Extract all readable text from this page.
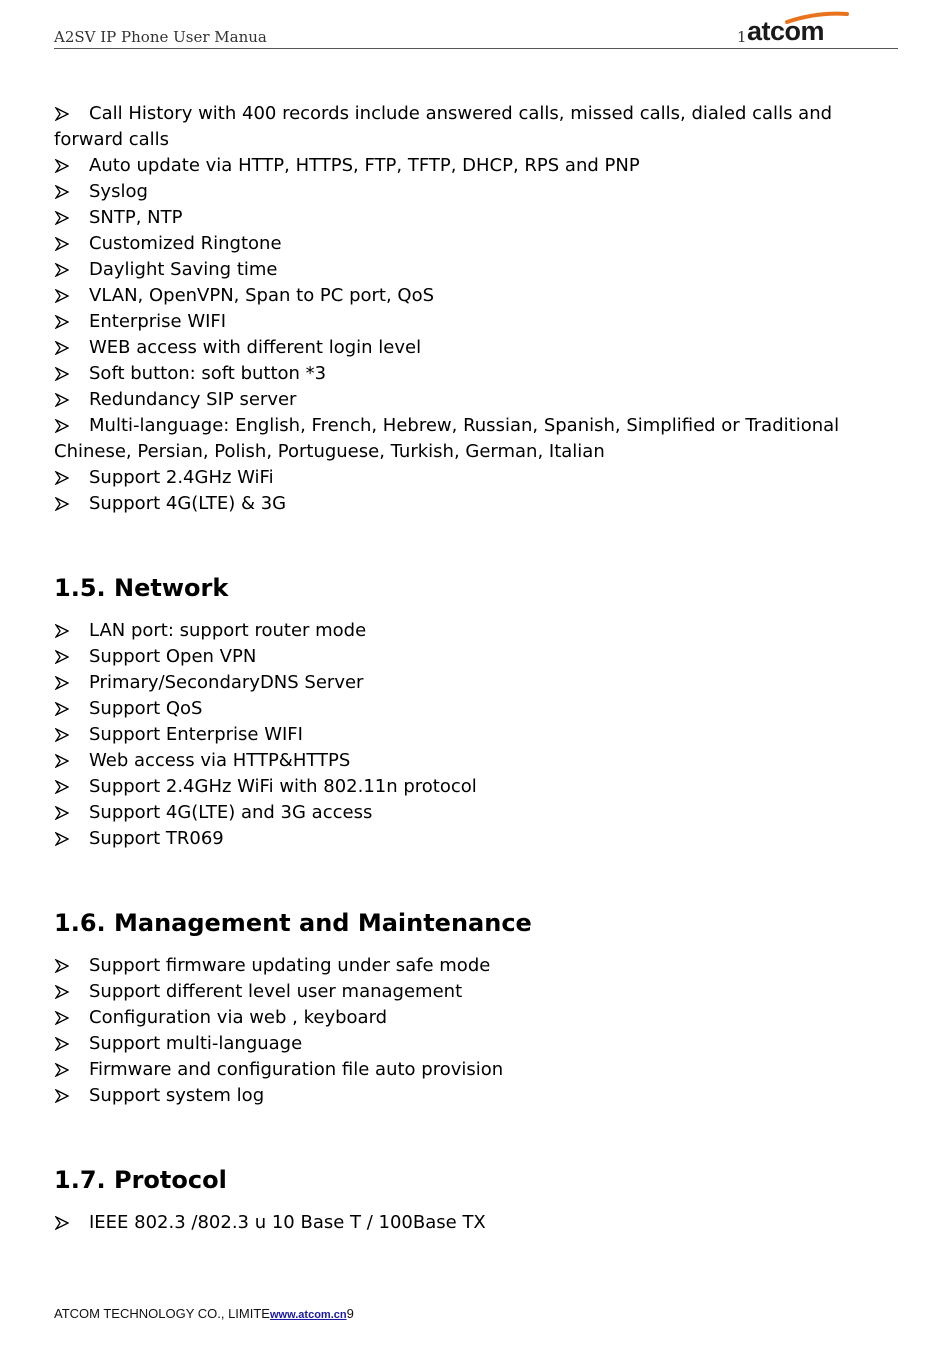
A2SV IP Phone User Manua	1 atcom
Call History with 400 records include answered calls, missed calls, dialed calls and forward calls
Auto update via HTTP, HTTPS, FTP, TFTP, DHCP, RPS and PNP
Syslog
SNTP, NTP
Customized Ringtone
Daylight Saving time
VLAN, OpenVPN, Span to PC port, QoS
Enterprise WIFI
WEB access with different login level
Soft button: soft button *3
Redundancy SIP server
Multi-language: English, French, Hebrew, Russian, Spanish, Simplified or Traditional Chinese, Persian, Polish, Portuguese, Turkish, German, Italian
Support 2.4GHz WiFi
Support 4G(LTE) & 3G
1.5. Network
LAN port: support router mode
Support Open VPN
Primary/SecondaryDNS Server
Support QoS
Support Enterprise WIFI
Web access via HTTP&HTTPS
Support 2.4GHz WiFi with 802.11n protocol
Support 4G(LTE) and 3G access
Support TR069
1.6. Management and Maintenance
Support firmware updating under safe mode
Support different level user management
Configuration via web , keyboard
Support multi-language
Firmware and configuration file auto provision
Support system log
1.7. Protocol
IEEE 802.3 /802.3 u 10 Base T / 100Base TX
ATCOM TECHNOLOGY CO., LIMITEwww.atcom.cn9
